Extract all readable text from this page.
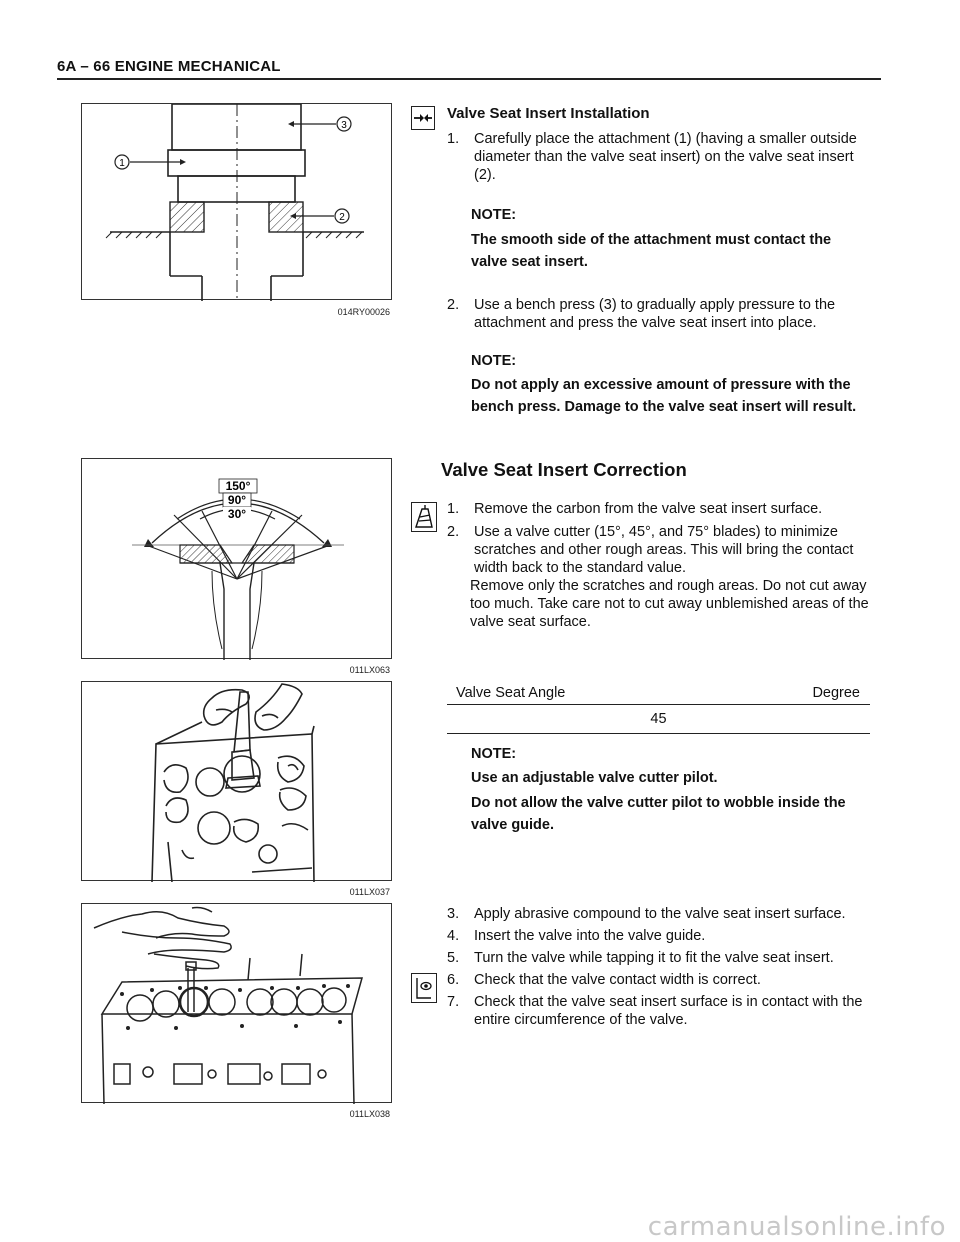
6A – 66 ENGINE MECHANICAL
1
3
2
014RY00026
Valve Seat Insert Installation
1. Carefully place the attachment (1) (having a smaller outside diameter than the valve seat insert) on the valve seat insert (2).
NOTE:
The smooth side of the attachment must contact the valve seat insert.
2. Use a bench press (3) to gradually apply pressure to the attachment and press the valve seat insert into place.
NOTE:
Do not apply an excessive amount of pressure with the bench press. Damage to the valve seat insert will result.
150°
90°
30°
011LX063
Valve Seat Insert Correction
1. Remove the carbon from the valve seat insert surface.
2. Use a valve cutter (15°, 45°, and 75° blades) to minimize scratches and other rough areas. This will bring the contact width back to the standard value.
Remove only the scratches and rough areas. Do not cut away too much. Take care not to cut away unblemished areas of the valve seat surface.
011LX037
Valve Seat Angle	Degree
45
NOTE:
Use an adjustable valve cutter pilot.
Do not allow the valve cutter pilot to wobble inside the valve guide.
011LX038
3. Apply abrasive compound to the valve seat insert surface.
4. Insert the valve into the valve guide.
5. Turn the valve while tapping it to fit the valve seat insert.
6. Check that the valve contact width is correct.
7. Check that the valve seat insert surface is in contact with the entire circumference of the valve.
carmanualsonline.info
